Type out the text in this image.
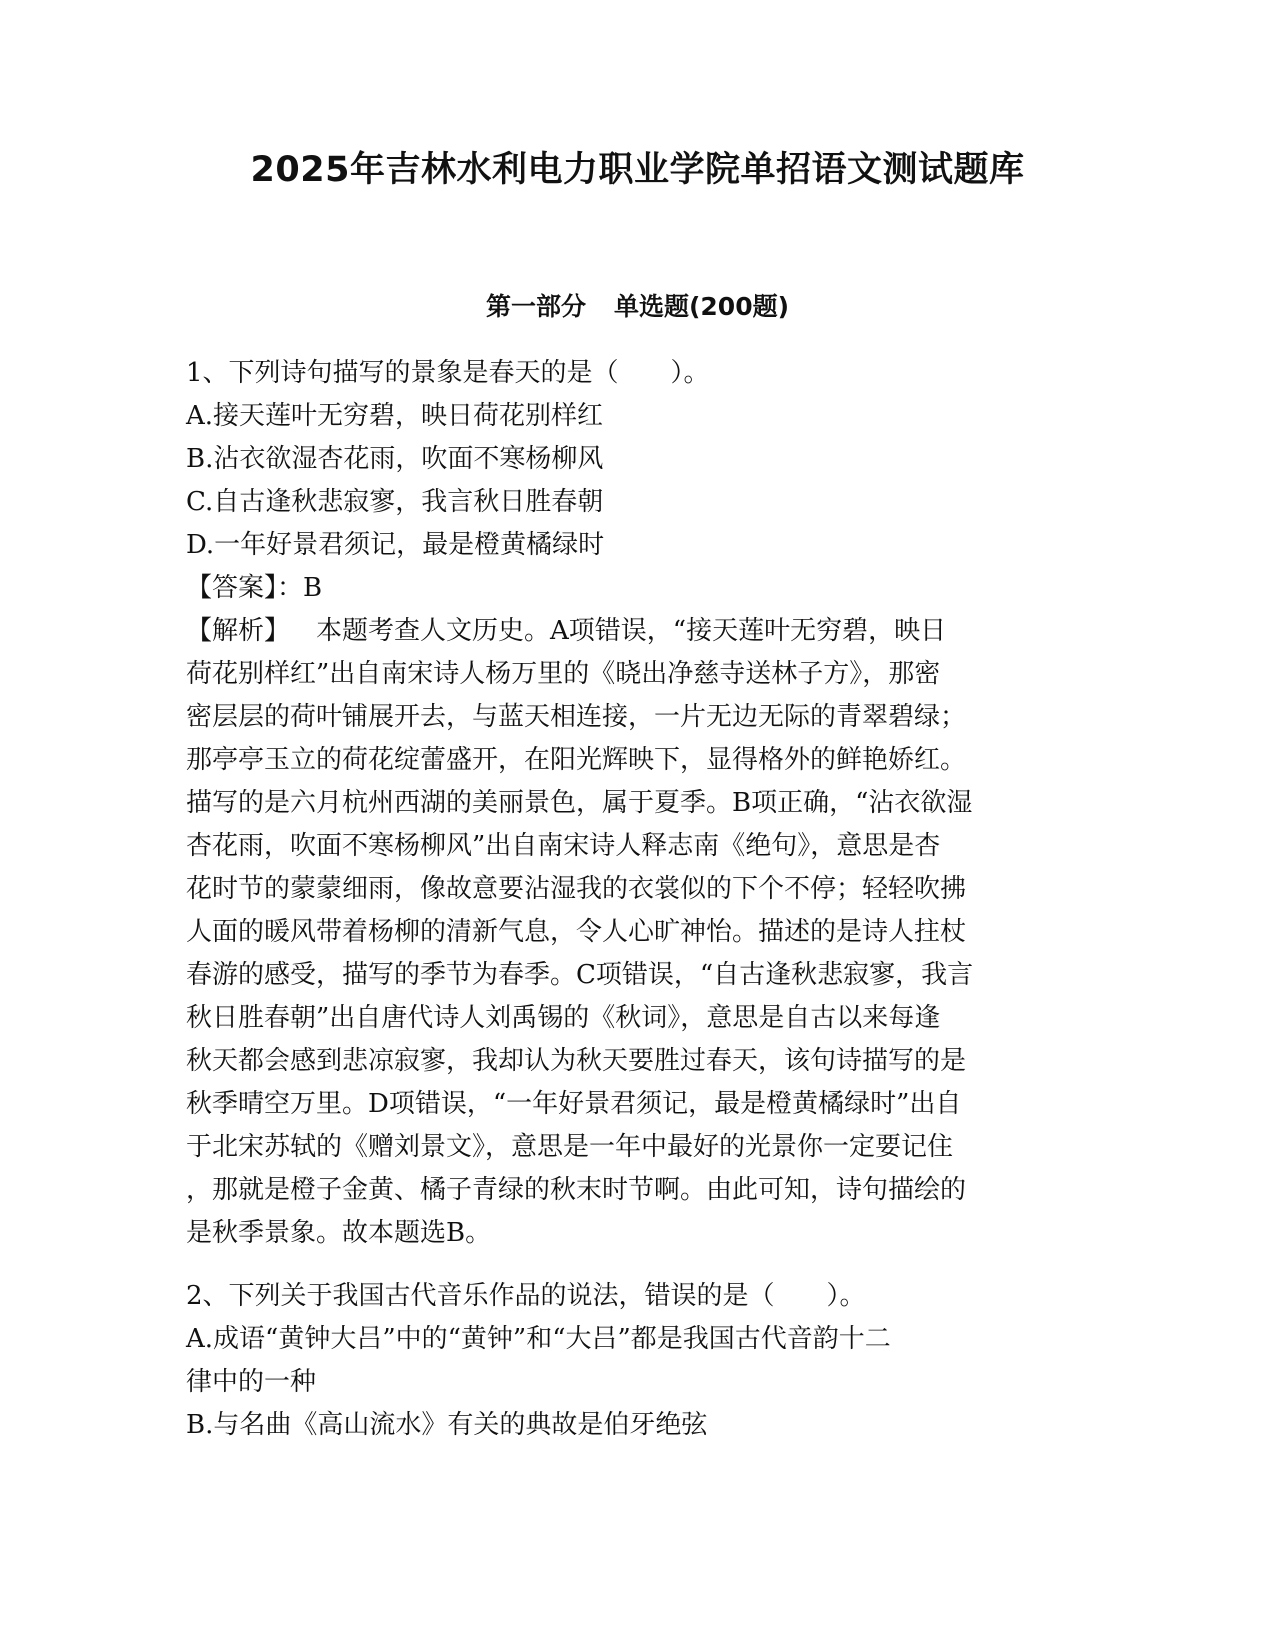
2025年吉林水利电力职业学院单招语文测试题库
第一部分 单选题(200题)
1、下列诗句描写的景象是春天的是（　　）。
A.接天莲叶无穷碧，映日荷花别样红
B.沾衣欲湿杏花雨，吹面不寒杨柳风
C.自古逢秋悲寂寥，我言秋日胜春朝
D.一年好景君须记，最是橙黄橘绿时
【答案】：B
【解析】 本题考查人文历史。A项错误，“接天莲叶无穷碧，映日
荷花别样红”出自南宋诗人杨万里的《晓出净慈寺送林子方》，那密
密层层的荷叶铺展开去，与蓝天相连接，一片无边无际的青翠碧绿；
那亭亭玉立的荷花绽蕾盛开，在阳光辉映下，显得格外的鲜艳娇红。
描写的是六月杭州西湖的美丽景色，属于夏季。B项正确，“沾衣欲湿
杏花雨，吹面不寒杨柳风”出自南宋诗人释志南《绝句》，意思是杏
花时节的蒙蒙细雨，像故意要沾湿我的衣裳似的下个不停；轻轻吹拂
人面的暖风带着杨柳的清新气息，令人心旷神怡。描述的是诗人拄杖
春游的感受，描写的季节为春季。C项错误，“自古逢秋悲寂寥，我言
秋日胜春朝”出自唐代诗人刘禹锡的《秋词》，意思是自古以来每逢
秋天都会感到悲凉寂寥，我却认为秋天要胜过春天，该句诗描写的是
秋季晴空万里。D项错误，“一年好景君须记，最是橙黄橘绿时”出自
于北宋苏轼的《赠刘景文》，意思是一年中最好的光景你一定要记住
，那就是橙子金黄、橘子青绿的秋末时节啊。由此可知，诗句描绘的
是秋季景象。故本题选B。
2、下列关于我国古代音乐作品的说法，错误的是（　　）。
A.成语“黄钟大吕”中的“黄钟”和“大吕”都是我国古代音韵十二
律中的一种
B.与名曲《高山流水》有关的典故是伯牙绝弦
